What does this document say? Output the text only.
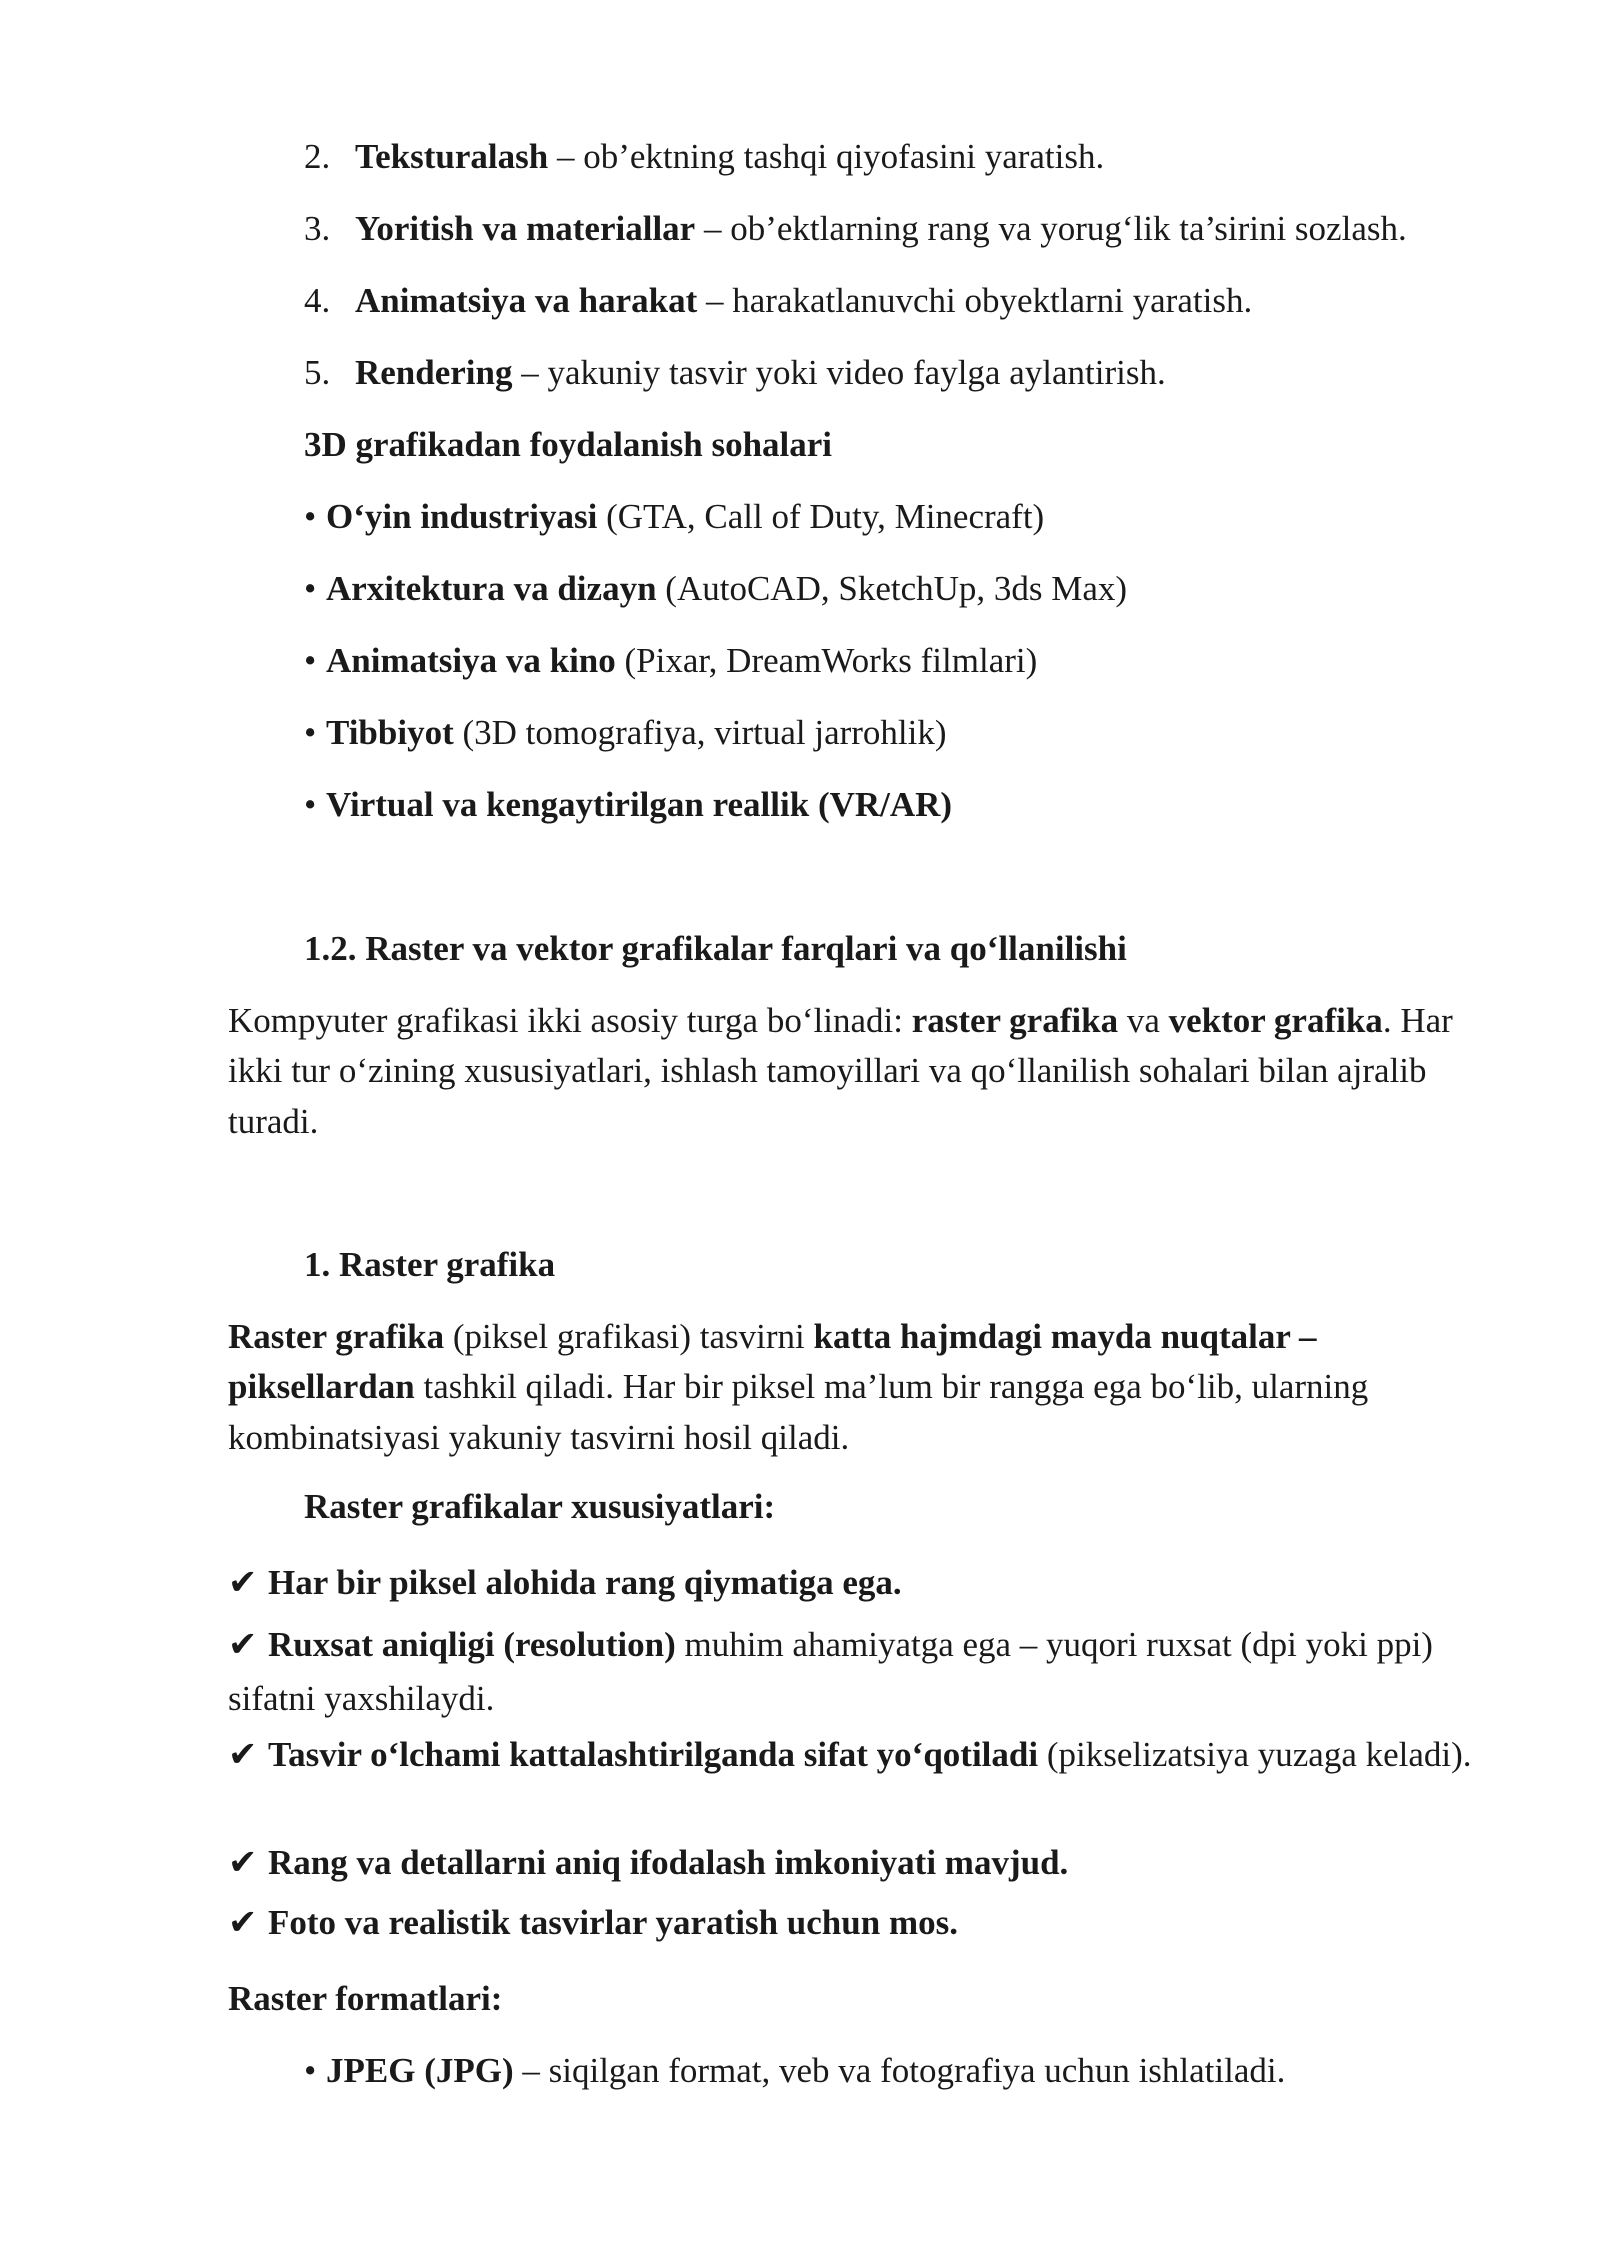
2. Teksturalash – ob’ektning tashqi qiyofasini yaratish.

3. Yoritish va materiallar – ob’ektlarning rang va yorug‘lik ta’sirini sozlash.

4. Animatsiya va harakat – harakatlanuvchi obyektlarni yaratish.

5. Rendering – yakuniy tasvir yoki video faylga aylantirish.

3D grafikadan foydalanish sohalari

• O‘yin industriyasi (GTA, Call of Duty, Minecraft)

• Arxitektura va dizayn (AutoCAD, SketchUp, 3ds Max)

• Animatsiya va kino (Pixar, DreamWorks filmlari)

• Tibbiyot (3D tomografiya, virtual jarrohlik)

• Virtual va kengaytirilgan reallik (VR/AR)

1.2. Raster va vektor grafikalar farqlari va qo‘llanilishi

Kompyuter grafikasi ikki asosiy turga bo‘linadi: raster grafika va vektor grafika. Har ikki tur o‘zining xususiyatlari, ishlash tamoyillari va qo‘llanilish sohalari bilan ajralib turadi.

1. Raster grafika

Raster grafika (piksel grafikasi) tasvirni katta hajmdagi mayda nuqtalar – piksellardan tashkil qiladi. Har bir piksel ma’lum bir rangga ega bo‘lib, ularning kombinatsiyasi yakuniy tasvirni hosil qiladi.

Raster grafikalar xususiyatlari:

✔ Har bir piksel alohida rang qiymatiga ega.

✔ Ruxsat aniqligi (resolution) muhim ahamiyatga ega – yuqori ruxsat (dpi yoki ppi) sifatni yaxshilaydi.

✔ Tasvir o‘lchami kattalashtirilganda sifat yo‘qotiladi (pikselizatsiya yuzaga keladi).

✔ Rang va detallarni aniq ifodalash imkoniyati mavjud.

✔ Foto va realistik tasvirlar yaratish uchun mos.

Raster formatlari:

• JPEG (JPG) – siqilgan format, veb va fotografiya uchun ishlatiladi.
